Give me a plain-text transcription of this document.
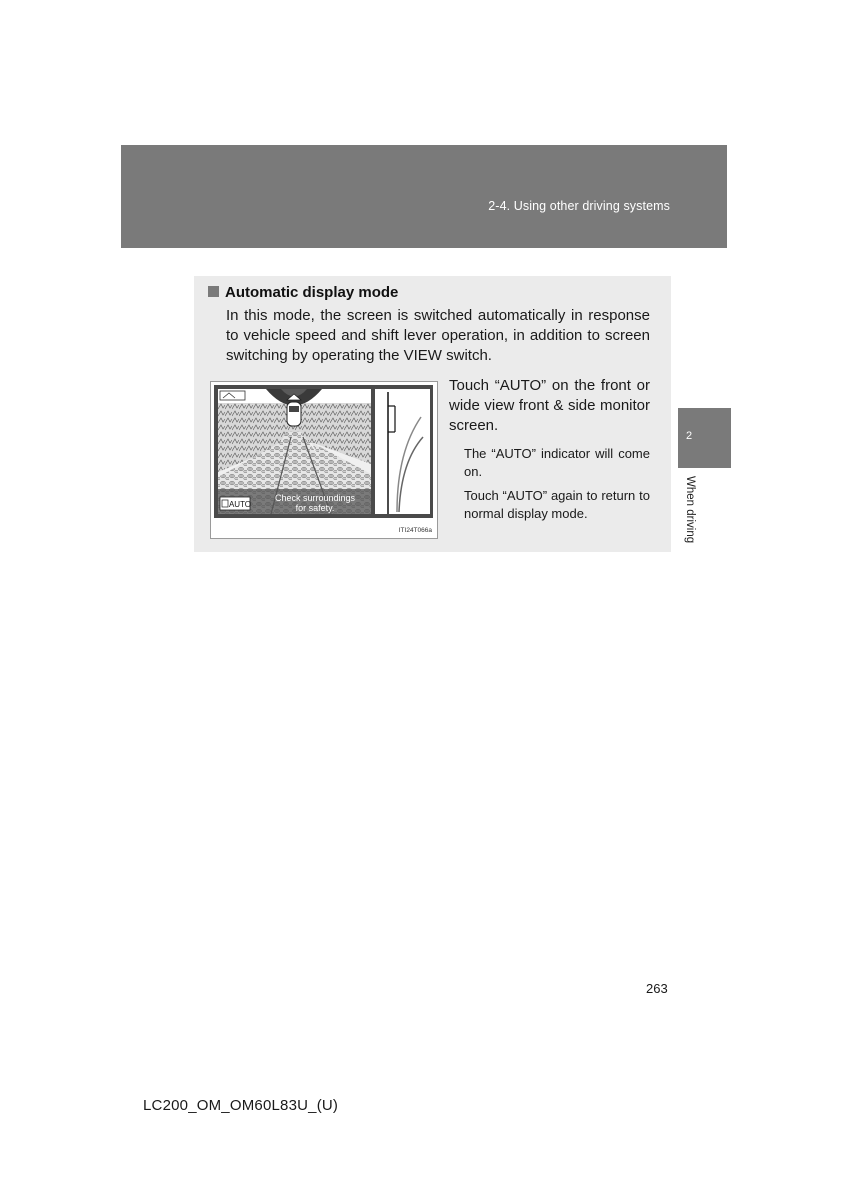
2-4. Using other driving systems
2
When driving
Automatic display mode
In this mode, the screen is switched automatically in response to vehicle speed and shift lever operation, in addition to screen switching by operating the VIEW switch.
Check surroundings
for safety.
AUTO
ITI24T066a
Touch “AUTO” on the front or wide view front & side monitor screen.
The “AUTO” indicator will come on.
Touch “AUTO” again to return to normal display mode.
263
LC200_OM_OM60L83U_(U)
